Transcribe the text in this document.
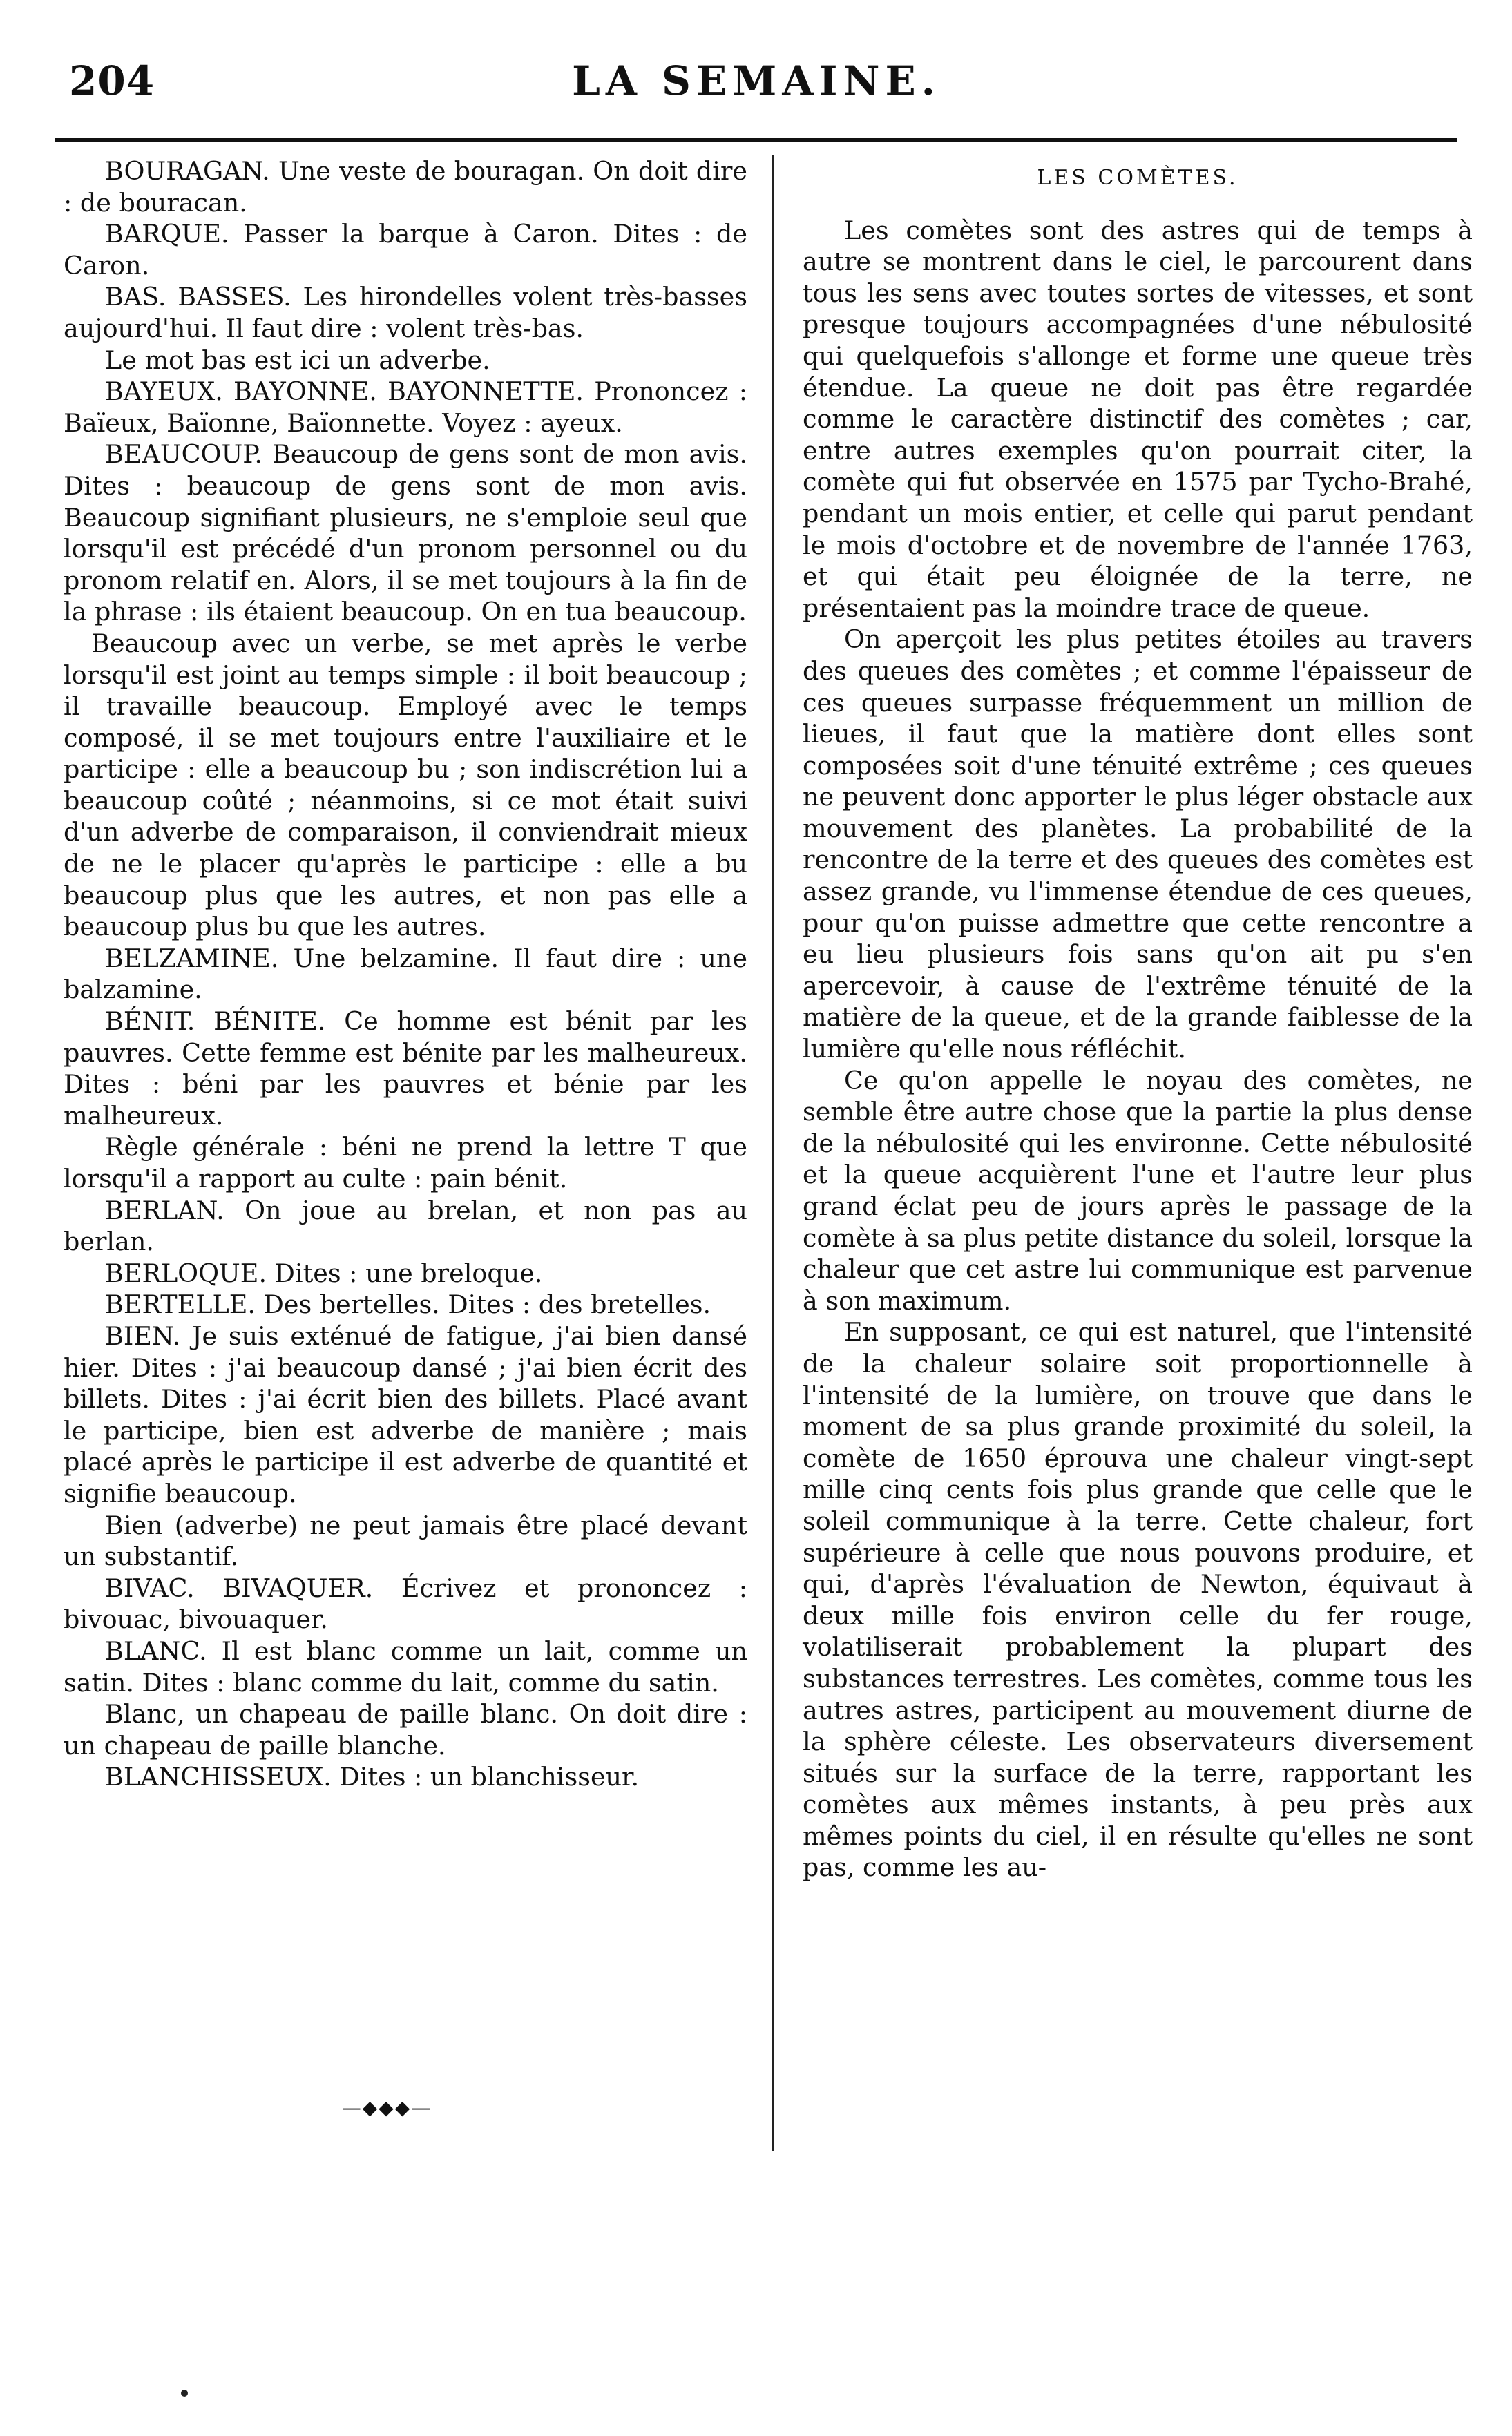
204	LA SEMAINE.

BOURAGAN. Une veste de bouragan. On doit dire : de bouracan.

BARQUE. Passer la barque à Caron. Dites : de Caron.

BAS. BASSES. Les hirondelles volent très-basses aujourd'hui. Il faut dire : volent très-bas.

Le mot bas est ici un adverbe.

BAYEUX. BAYONNE. BAYONNETTE. Prononcez : Baïeux, Baïonne, Baïonnette. Voyez : ayeux.

BEAUCOUP. Beaucoup de gens sont de mon avis. Dites : beaucoup de gens sont de mon avis. Beaucoup signifiant plusieurs, ne s'emploie seul que lorsqu'il est précédé d'un pronom personnel ou du pronom relatif en. Alors, il se met toujours à la fin de la phrase : ils étaient beaucoup. On en tua beaucoup.

Beaucoup avec un verbe, se met après le verbe lorsqu'il est joint au temps simple : il boit beaucoup ; il travaille beaucoup. Employé avec le temps composé, il se met toujours entre l'auxiliaire et le participe : elle a beaucoup bu ; son indiscrétion lui a beaucoup coûté ; néanmoins, si ce mot était suivi d'un adverbe de comparaison, il conviendrait mieux de ne le placer qu'après le participe : elle a bu beaucoup plus que les autres, et non pas elle a beaucoup plus bu que les autres.

BELZAMINE. Une belzamine. Il faut dire : une balzamine.

BÉNIT. BÉNITE. Ce homme est bénit par les pauvres. Cette femme est bénite par les malheureux. Dites : béni par les pauvres et bénie par les malheureux.

Règle générale : béni ne prend la lettre T que lorsqu'il a rapport au culte : pain bénit.

BERLAN. On joue au brelan, et non pas au berlan.

BERLOQUE. Dites : une breloque.

BERTELLE. Des bertelles. Dites : des bretelles.

BIEN. Je suis exténué de fatigue, j'ai bien dansé hier. Dites : j'ai beaucoup dansé ; j'ai bien écrit des billets. Dites : j'ai écrit bien des billets. Placé avant le participe, bien est adverbe de manière ; mais placé après le participe il est adverbe de quantité et signifie beaucoup.

Bien (adverbe) ne peut jamais être placé devant un substantif.

BIVAC. BIVAQUER. Écrivez et prononcez : bivouac, bivouaquer.

BLANC. Il est blanc comme un lait, comme un satin. Dites : blanc comme du lait, comme du satin.

Blanc, un chapeau de paille blanc. On doit dire : un chapeau de paille blanche.

BLANCHISSEUX. Dites : un blanchisseur.

—◆◆◆—

LES COMÈTES.

Les comètes sont des astres qui de temps à autre se montrent dans le ciel, le parcourent dans tous les sens avec toutes sortes de vitesses, et sont presque toujours accompagnées d'une nébulosité qui quelquefois s'allonge et forme une queue très étendue. La queue ne doit pas être regardée comme le caractère distinctif des comètes ; car, entre autres exemples qu'on pourrait citer, la comète qui fut observée en 1575 par Tycho-Brahé, pendant un mois entier, et celle qui parut pendant le mois d'octobre et de novembre de l'année 1763, et qui était peu éloignée de la terre, ne présentaient pas la moindre trace de queue.

On aperçoit les plus petites étoiles au travers des queues des comètes ; et comme l'épaisseur de ces queues surpasse fréquemment un million de lieues, il faut que la matière dont elles sont composées soit d'une ténuité extrême ; ces queues ne peuvent donc apporter le plus léger obstacle aux mouvement des planètes. La probabilité de la rencontre de la terre et des queues des comètes est assez grande, vu l'immense étendue de ces queues, pour qu'on puisse admettre que cette rencontre a eu lieu plusieurs fois sans qu'on ait pu s'en apercevoir, à cause de l'extrême ténuité de la matière de la queue, et de la grande faiblesse de la lumière qu'elle nous réfléchit.

Ce qu'on appelle le noyau des comètes, ne semble être autre chose que la partie la plus dense de la nébulosité qui les environne. Cette nébulosité et la queue acquièrent l'une et l'autre leur plus grand éclat peu de jours après le passage de la comète à sa plus petite distance du soleil, lorsque la chaleur que cet astre lui communique est parvenue à son maximum.

En supposant, ce qui est naturel, que l'intensité de la chaleur solaire soit proportionnelle à l'intensité de la lumière, on trouve que dans le moment de sa plus grande proximité du soleil, la comète de 1650 éprouva une chaleur vingt-sept mille cinq cents fois plus grande que celle que le soleil communique à la terre. Cette chaleur, fort supérieure à celle que nous pouvons produire, et qui, d'après l'évaluation de Newton, équivaut à deux mille fois environ celle du fer rouge, volatiliserait probablement la plupart des substances terrestres. Les comètes, comme tous les autres astres, participent au mouvement diurne de la sphère céleste. Les observateurs diversement situés sur la surface de la terre, rapportant les comètes aux mêmes instants, à peu près aux mêmes points du ciel, il en résulte qu'elles ne sont pas, comme les au-
